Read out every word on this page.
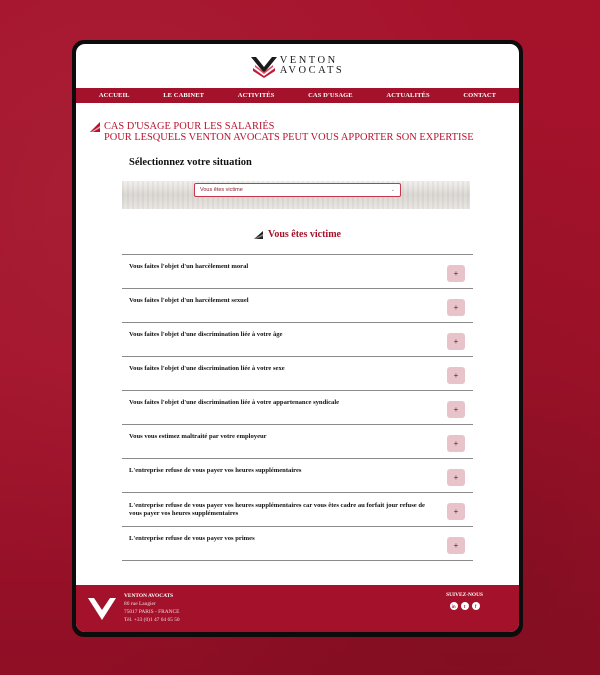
VENTON
AVOCATS
ACCUEIL	LE CABINET	ACTIVITÉS	CAS D'USAGE	ACTUALITÉS	CONTACT
CAS D'USAGE POUR LES SALARIÉS
POUR LESQUELS VENTON AVOCATS PEUT VOUS APPORTER SON EXPERTISE
Sélectionnez votre situation
Vous êtes victime	⌄
Vous êtes victime
Vous faites l'objet d'un harcèlement moral
+
Vous faites l'objet d'un harcèlement sexuel
+
Vous faites l'objet d'une discrimination liée à votre âge
+
Vous faites l'objet d'une discrimination liée à votre sexe
+
Vous faites l'objet d'une discrimination liée à votre appartenance syndicale
+
Vous vous estimez maltraité par votre employeur
+
L'entreprise refuse de vous payer vos heures supplémentaires
+
L'entreprise refuse de vous payer vos heures supplémentaires car vous êtes cadre au forfait jour refuse de vous payer vos heures supplémentaires	+
L'entreprise refuse de vous payer vos primes
+
VENTON AVOCATS
86 rue Laugier
75017 PARIS - FRANCE
Tél. +33 (0)1 47 64 65 50
SUIVEZ-NOUS
in	t	f
